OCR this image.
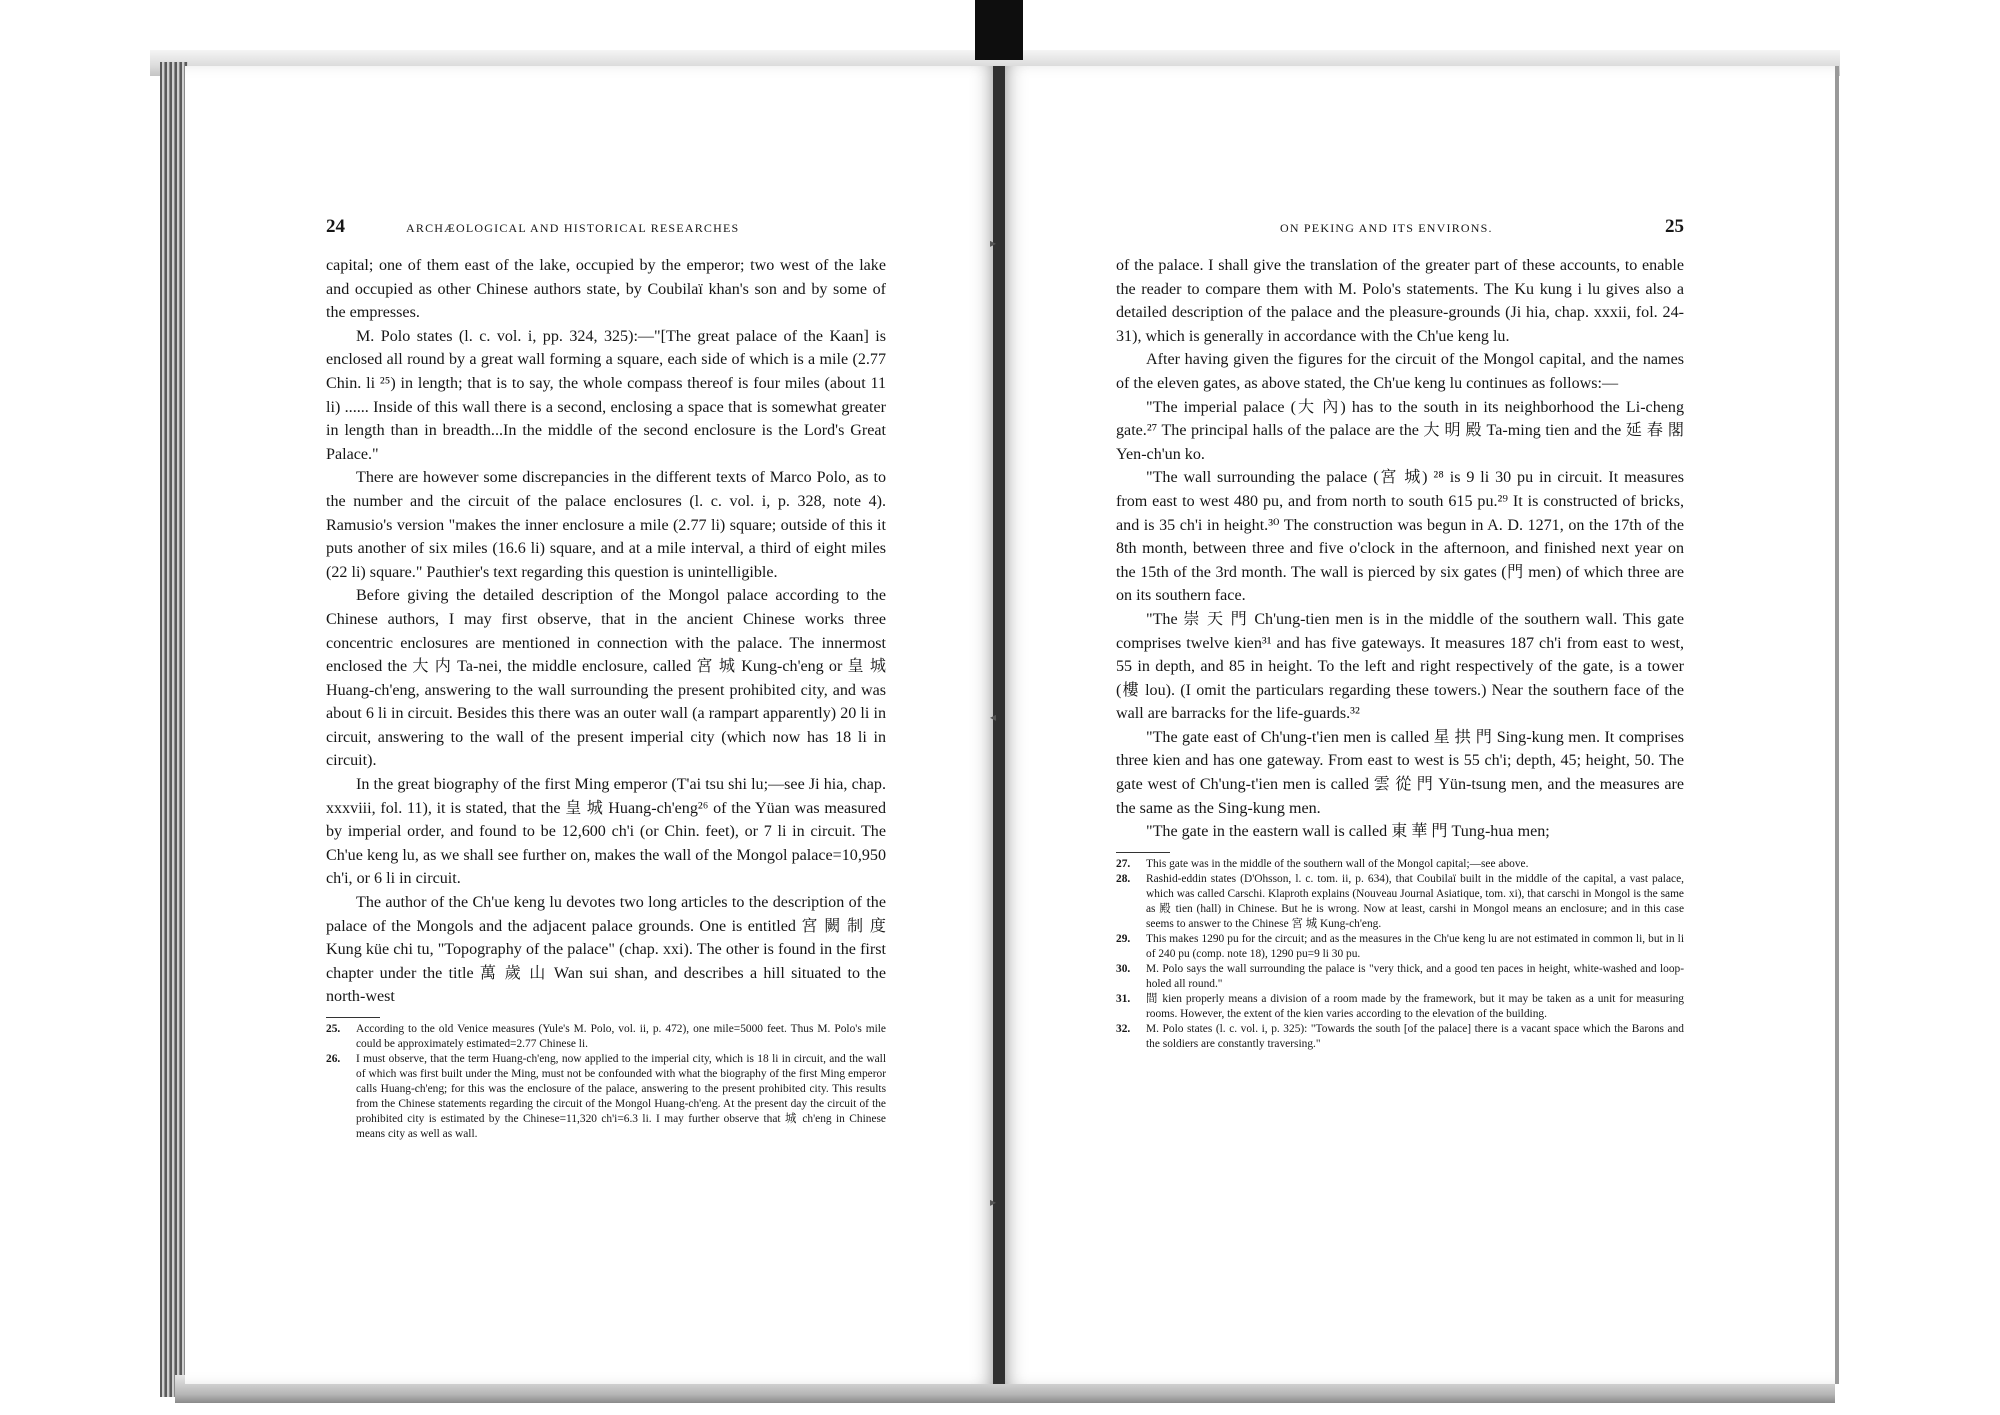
▸
◂
▸
24	ARCHÆOLOGICAL AND HISTORICAL RESEARCHES

capital; one of them east of the lake, occupied by the emperor; two west of the lake and occupied as other Chinese authors state, by Coubilaï khan's son and by some of the empresses.

M. Polo states (l. c. vol. i, pp. 324, 325):—"[The great palace of the Kaan] is enclosed all round by a great wall forming a square, each side of which is a mile (2.77 Chin. li ²⁵) in length; that is to say, the whole compass thereof is four miles (about 11 li) ...... Inside of this wall there is a second, enclosing a space that is somewhat greater in length than in breadth...In the middle of the second enclosure is the Lord's Great Palace."

There are however some discrepancies in the different texts of Marco Polo, as to the number and the circuit of the palace enclosures (l. c. vol. i, p. 328, note 4). Ramusio's version "makes the inner enclosure a mile (2.77 li) square; outside of this it puts another of six miles (16.6 li) square, and at a mile interval, a third of eight miles (22 li) square." Pauthier's text regarding this question is unintelligible.

Before giving the detailed description of the Mongol palace according to the Chinese authors, I may first observe, that in the ancient Chinese works three concentric enclosures are mentioned in connection with the palace. The innermost enclosed the 大 内 Ta-nei, the middle enclosure, called 宮 城 Kung-ch'eng or 皇 城 Huang-ch'eng, answering to the wall surrounding the present prohibited city, and was about 6 li in circuit. Besides this there was an outer wall (a rampart apparently) 20 li in circuit, answering to the wall of the present imperial city (which now has 18 li in circuit).

In the great biography of the first Ming emperor (T'ai tsu shi lu;—see Ji hia, chap. xxxviii, fol. 11), it is stated, that the 皇 城 Huang-ch'eng²⁶ of the Yüan was measured by imperial order, and found to be 12,600 ch'i (or Chin. feet), or 7 li in circuit. The Ch'ue keng lu, as we shall see further on, makes the wall of the Mongol palace=10,950 ch'i, or 6 li in circuit.

The author of the Ch'ue keng lu devotes two long articles to the description of the palace of the Mongols and the adjacent palace grounds. One is entitled 宮 闕 制 度 Kung küe chi tu, "Topography of the palace" (chap. xxi). The other is found in the first chapter under the title 萬 歲 山 Wan sui shan, and describes a hill situated to the north-west

25.	According to the old Venice measures (Yule's M. Polo, vol. ii, p. 472), one mile=5000 feet. Thus M. Polo's mile could be approximately estimated=2.77 Chinese li.
26.	I must observe, that the term Huang-ch'eng, now applied to the imperial city, which is 18 li in circuit, and the wall of which was first built under the Ming, must not be confounded with what the biography of the first Ming emperor calls Huang-ch'eng; for this was the enclosure of the palace, answering to the present prohibited city. This results from the Chinese statements regarding the circuit of the Mongol Huang-ch'eng. At the present day the circuit of the prohibited city is estimated by the Chinese=11,320 ch'i=6.3 li. I may further observe that 城 ch'eng in Chinese means city as well as wall.
ON PEKING AND ITS ENVIRONS.	25

of the palace. I shall give the translation of the greater part of these accounts, to enable the reader to compare them with M. Polo's statements. The Ku kung i lu gives also a detailed description of the palace and the pleasure-grounds (Ji hia, chap. xxxii, fol. 24-31), which is generally in accordance with the Ch'ue keng lu.

After having given the figures for the circuit of the Mongol capital, and the names of the eleven gates, as above stated, the Ch'ue keng lu continues as follows:—

"The imperial palace (大 內) has to the south in its neighborhood the Li-cheng gate.²⁷ The principal halls of the palace are the 大 明 殿 Ta-ming tien and the 延 春 閣 Yen-ch'un ko.

"The wall surrounding the palace (宮 城) ²⁸ is 9 li 30 pu in circuit. It measures from east to west 480 pu, and from north to south 615 pu.²⁹ It is constructed of bricks, and is 35 ch'i in height.³⁰ The construction was begun in A. D. 1271, on the 17th of the 8th month, between three and five o'clock in the afternoon, and finished next year on the 15th of the 3rd month. The wall is pierced by six gates (門 men) of which three are on its southern face.

"The 崇 天 門 Ch'ung-tien men is in the middle of the southern wall. This gate comprises twelve kien³¹ and has five gateways. It measures 187 ch'i from east to west, 55 in depth, and 85 in height. To the left and right respectively of the gate, is a tower (樓 lou). (I omit the particulars regarding these towers.) Near the southern face of the wall are barracks for the life-guards.³²

"The gate east of Ch'ung-t'ien men is called 星 拱 門 Sing-kung men. It comprises three kien and has one gateway. From east to west is 55 ch'i; depth, 45; height, 50. The gate west of Ch'ung-t'ien men is called 雲 從 門 Yün-tsung men, and the measures are the same as the Sing-kung men.

"The gate in the eastern wall is called 東 華 門 Tung-hua men;

27.	This gate was in the middle of the southern wall of the Mongol capital;—see above.
28.	Rashid-eddin states (D'Ohsson, l. c. tom. ii, p. 634), that Coubilaï built in the middle of the capital, a vast palace, which was called Carschi. Klaproth explains (Nouveau Journal Asiatique, tom. xi), that carschi in Mongol is the same as 殿 tien (hall) in Chinese. But he is wrong. Now at least, carshi in Mongol means an enclosure; and in this case seems to answer to the Chinese 宮 城 Kung-ch'eng.
29.	This makes 1290 pu for the circuit; and as the measures in the Ch'ue keng lu are not estimated in common li, but in li of 240 pu (comp. note 18), 1290 pu=9 li 30 pu.
30.	M. Polo says the wall surrounding the palace is "very thick, and a good ten paces in height, white-washed and loop-holed all round."
31.	間 kien properly means a division of a room made by the framework, but it may be taken as a unit for measuring rooms. However, the extent of the kien varies according to the elevation of the building.
32.	M. Polo states (l. c. vol. i, p. 325): "Towards the south [of the palace] there is a vacant space which the Barons and the soldiers are constantly traversing."
